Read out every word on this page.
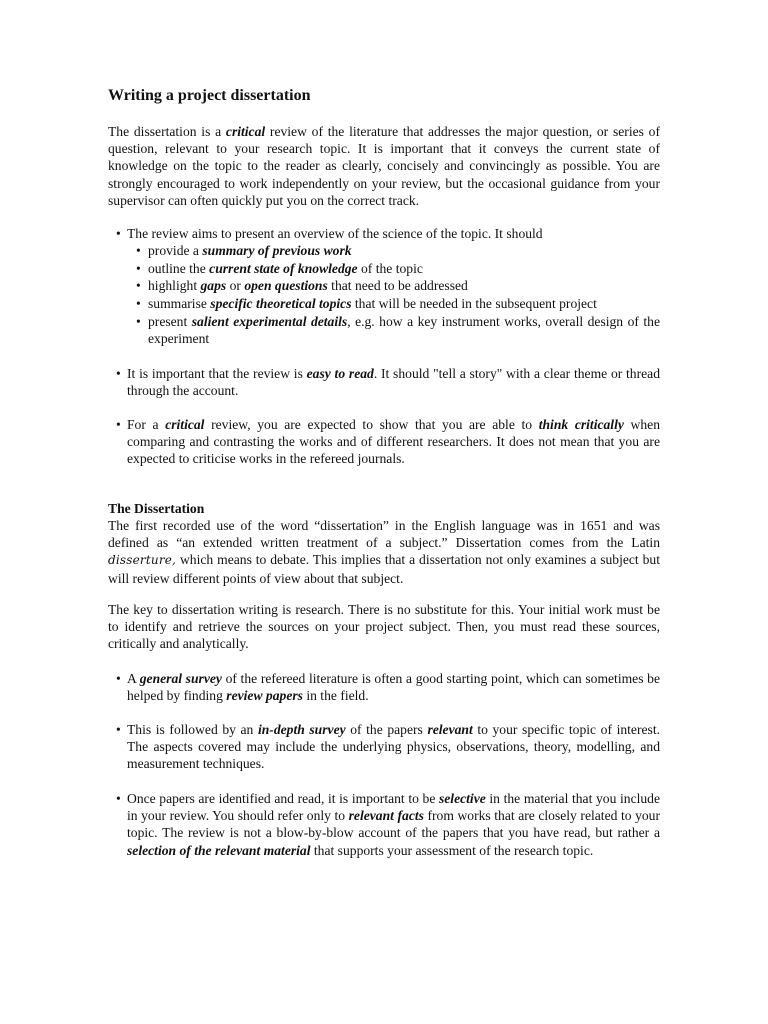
Writing a project dissertation

The dissertation is a critical review of the literature that addresses the major question, or series of question, relevant to your research topic. It is important that it conveys the current state of knowledge on the topic to the reader as clearly, concisely and convincingly as possible. You are strongly encouraged to work independently on your review, but the occasional guidance from your supervisor can often quickly put you on the correct track.

• The review aims to present an overview of the science of the topic. It should
• provide a summary of previous work
• outline the current state of knowledge of the topic
• highlight gaps or open questions that need to be addressed
• summarise specific theoretical topics that will be needed in the subsequent project
• present salient experimental details, e.g. how a key instrument works, overall design of the experiment
• It is important that the review is easy to read. It should "tell a story" with a clear theme or thread through the account.
• For a critical review, you are expected to show that you are able to think critically when comparing and contrasting the works and of different researchers. It does not mean that you are expected to criticise works in the refereed journals.
The Dissertation

The first recorded use of the word “dissertation” in the English language was in 1651 and was defined as “an extended written treatment of a subject.” Dissertation comes from the Latin disserture, which means to debate. This implies that a dissertation not only examines a subject but will review different points of view about that subject.

The key to dissertation writing is research. There is no substitute for this. Your initial work must be to identify and retrieve the sources on your project subject. Then, you must read these sources, critically and analytically.

• A general survey of the refereed literature is often a good starting point, which can sometimes be helped by finding review papers in the field.
• This is followed by an in-depth survey of the papers relevant to your specific topic of interest. The aspects covered may include the underlying physics, observations, theory, modelling, and measurement techniques.
• Once papers are identified and read, it is important to be selective in the material that you include in your review. You should refer only to relevant facts from works that are closely related to your topic. The review is not a blow-by-blow account of the papers that you have read, but rather a selection of the relevant material that supports your assessment of the research topic.
